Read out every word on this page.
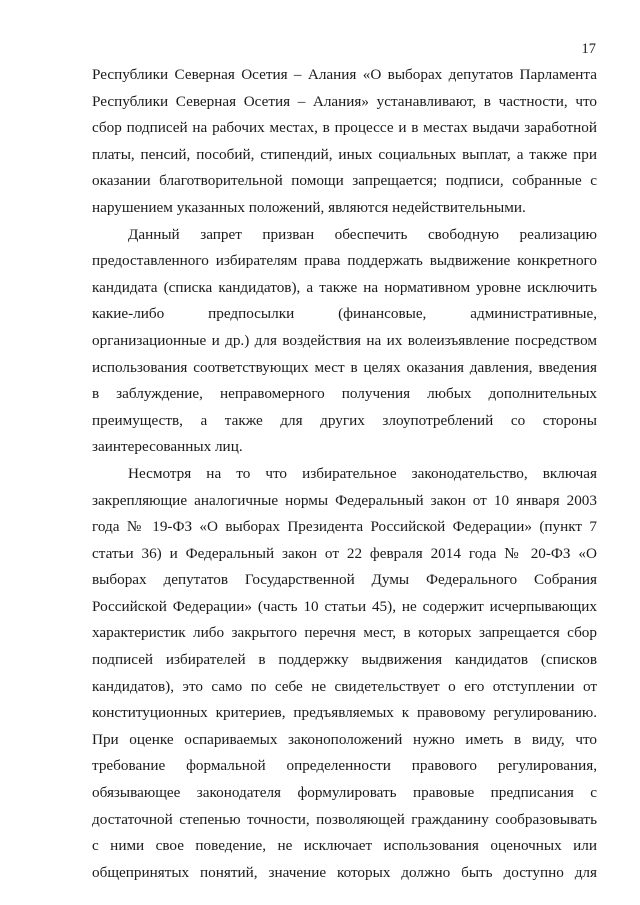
17
Республики Северная Осетия – Алания «О выборах депутатов Парламента
Республики Северная Осетия – Алания» устанавливают, в частности, что
сбор подписей на рабочих местах, в процессе и в местах выдачи заработной
платы, пенсий, пособий, стипендий, иных социальных выплат, а также при
оказании благотворительной помощи запрещается; подписи, собранные с
нарушением указанных положений, являются недействительными.
Данный запрет призван обеспечить свободную реализацию
предоставленного избирателям права поддержать выдвижение конкретного
кандидата (списка кандидатов), а также на нормативном уровне исключить
какие-либо предпосылки (финансовые, административные,
организационные и др.) для воздействия на их волеизъявление посредством
использования соответствующих мест в целях оказания давления, введения
в заблуждение, неправомерного получения любых дополнительных
преимуществ, а также для других злоупотреблений со стороны
заинтересованных лиц.
Несмотря на то что избирательное законодательство, включая
закрепляющие аналогичные нормы Федеральный закон от 10 января 2003
года № 19-ФЗ «О выборах Президента Российской Федерации» (пункт 7
статьи 36) и Федеральный закон от 22 февраля 2014 года № 20-ФЗ «О
выборах депутатов Государственной Думы Федерального Собрания
Российской Федерации» (часть 10 статьи 45), не содержит исчерпывающих
характеристик либо закрытого перечня мест, в которых запрещается сбор
подписей избирателей в поддержку выдвижения кандидатов (списков
кандидатов), это само по себе не свидетельствует о его отступлении от
конституционных критериев, предъявляемых к правовому регулированию.
При оценке оспариваемых законоположений нужно иметь в виду, что
требование формальной определенности правового регулирования,
обязывающее законодателя формулировать правовые предписания с
достаточной степенью точности, позволяющей гражданину сообразовывать
с ними свое поведение, не исключает использования оценочных или
общепринятых понятий, значение которых должно быть доступно для
